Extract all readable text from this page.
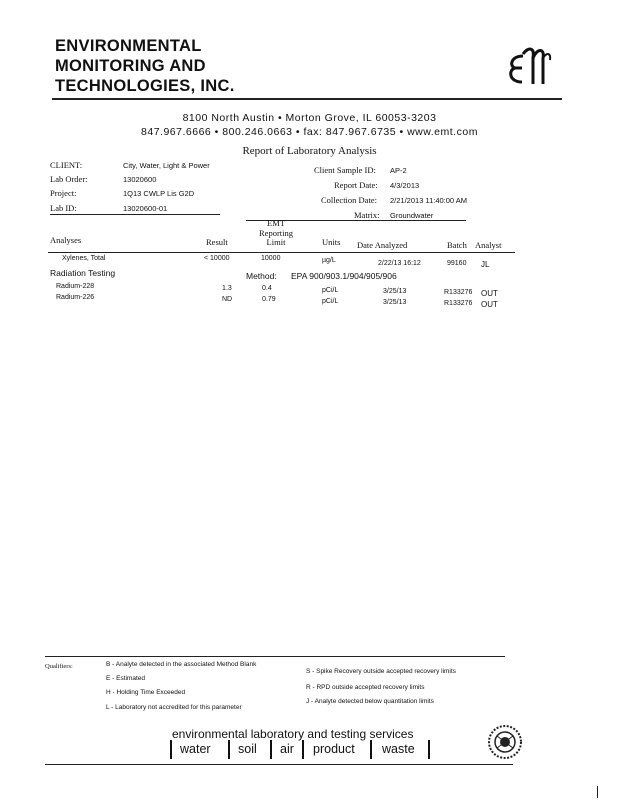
ENVIRONMENTAL
MONITORING AND
TECHNOLOGIES, INC.
8100 North Austin • Morton Grove, IL 60053-3203
847.967.6666 • 800.246.0663 • fax: 847.967.6735 • www.emt.com
Report of Laboratory Analysis
CLIENT:	City, Water, Light & Power
Lab Order:	13020600
Project:	1Q13 CWLP Lis G2D
Lab ID:	13020600-01
Client Sample ID: AP-2
Report Date: 4/3/2013
Collection Date: 2/21/2013 11:40:00 AM
Matrix: Groundwater
Analyses	Result
EMT
Reporting
Limit	Units Date Analyzed	Batch Analyst
Xylenes, Total	< 10000	10000	µg/L	2/22/13 16:12	99160 JL
Radiation Testing	Method: EPA 900/903.1/904/905/906
Radium-228	1.3	0.4	pCi/L	3/25/13	R133276 OUT
Radium-226	ND	0.79	pCi/L	3/25/13	R133276 OUT
Qualifiers:	B - Analyte detected in the associated Method Blank
E - Estimated
H - Holding Time Exceeded
L - Laboratory not accredited for this parameter
S - Spike Recovery outside accepted recovery limits
R - RPD outside accepted recovery limits
J - Analyte detected below quantitation limits
environmental laboratory and testing services
water soil air product waste
